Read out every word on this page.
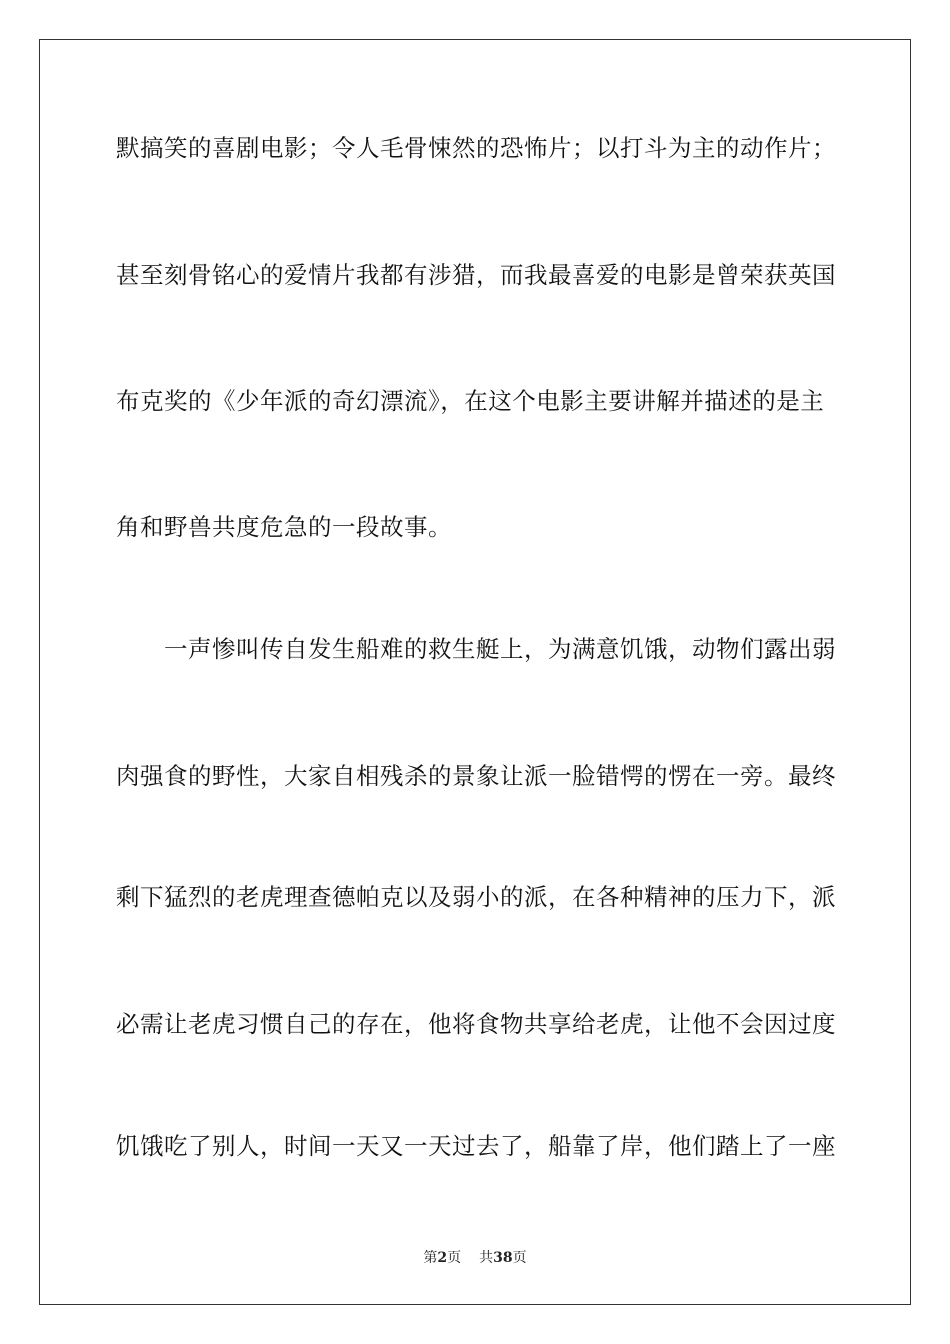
默搞笑的喜剧电影；令人毛骨悚然的恐怖片；以打斗为主的动作片；
甚至刻骨铭心的爱情片我都有涉猎，而我最喜爱的电影是曾荣获英国
布克奖的《少年派的奇幻漂流》，在这个电影主要讲解并描述的是主
角和野兽共度危急的一段故事。
　　一声惨叫传自发生船难的救生艇上，为满意饥饿，动物们露出弱
肉强食的野性，大家自相残杀的景象让派一脸错愕的愣在一旁。最终
剩下猛烈的老虎理查德帕克以及弱小的派，在各种精神的压力下，派
必需让老虎习惯自己的存在，他将食物共享给老虎，让他不会因过度
饥饿吃了别人，时间一天又一天过去了，船靠了岸，他们踏上了一座
第2页 共38页
